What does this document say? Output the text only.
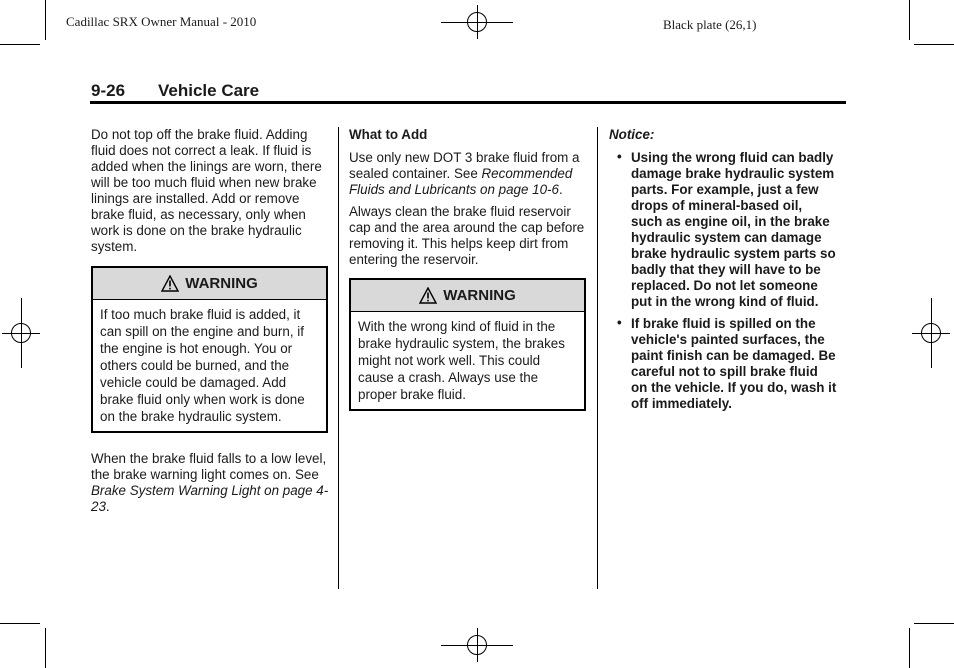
Cadillac SRX Owner Manual - 2010	Black plate (26,1)
9-26 Vehicle Care

Do not top off the brake fluid. Adding fluid does not correct a leak. If fluid is added when the linings are worn, there will be too much fluid when new brake linings are installed. Add or remove brake fluid, as necessary, only when work is done on the brake hydraulic system.

WARNING
If too much brake fluid is added, it can spill on the engine and burn, if the engine is hot enough. You or others could be burned, and the vehicle could be damaged. Add brake fluid only when work is done on the brake hydraulic system.

When the brake fluid falls to a low level, the brake warning light comes on. See Brake System Warning Light on page 4-23.

What to Add

Use only new DOT 3 brake fluid from a sealed container. See Recommended Fluids and Lubricants on page 10-6.

Always clean the brake fluid reservoir cap and the area around the cap before removing it. This helps keep dirt from entering the reservoir.

WARNING
With the wrong kind of fluid in the brake hydraulic system, the brakes might not work well. This could cause a crash. Always use the proper brake fluid.
Notice:
• Using the wrong fluid can badly damage brake hydraulic system parts. For example, just a few drops of mineral-based oil, such as engine oil, in the brake hydraulic system can damage brake hydraulic system parts so badly that they will have to be replaced. Do not let someone put in the wrong kind of fluid.
• If brake fluid is spilled on the vehicle's painted surfaces, the paint finish can be damaged. Be careful not to spill brake fluid on the vehicle. If you do, wash it off immediately.
